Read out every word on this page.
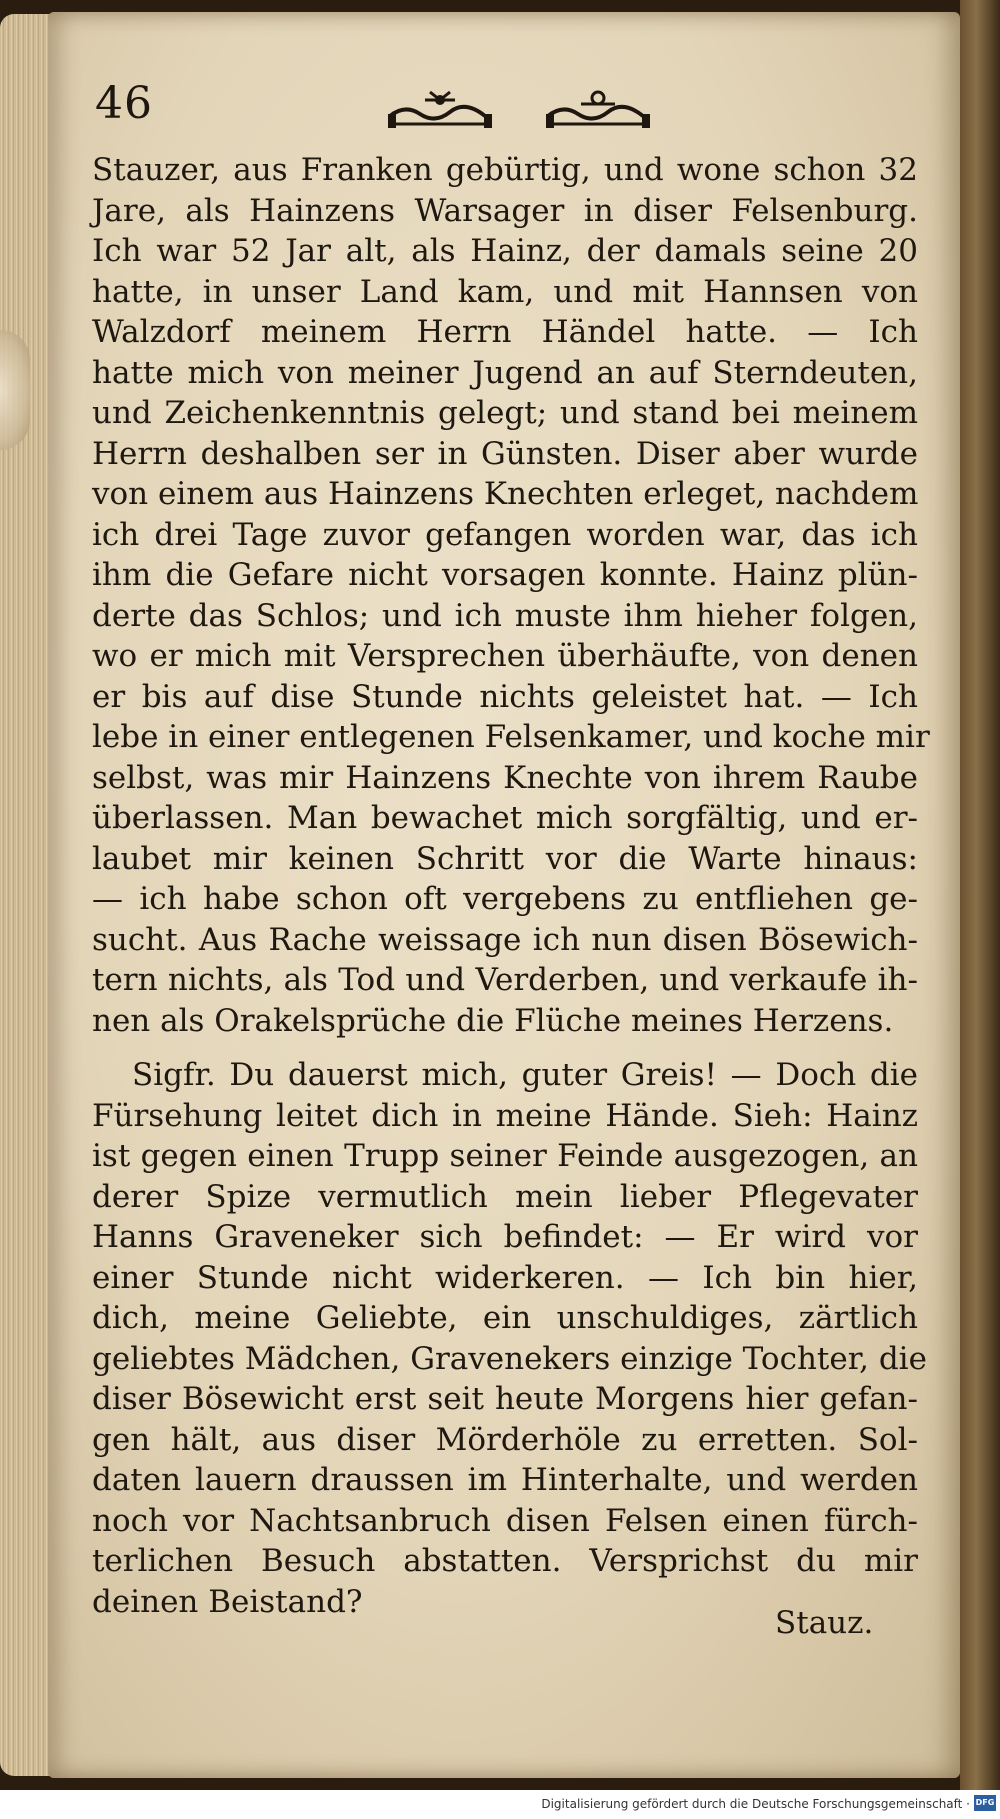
46
Stauzer, aus Franken gebürtig, und wone schon 32
Jare, als Hainzens Warsager in diser Felsenburg.
Ich war 52 Jar alt, als Hainz, der damals seine 20
hatte, in unser Land kam, und mit Hannsen von
Walzdorf meinem Herrn Händel hatte. — Ich
hatte mich von meiner Jugend an auf Sterndeuten,
und Zeichenkenntnis gelegt; und stand bei meinem
Herrn deshalben ser in Günsten. Diser aber wurde
von einem aus Hainzens Knechten erleget, nachdem
ich drei Tage zuvor gefangen worden war, das ich
ihm die Gefare nicht vorsagen konnte. Hainz plün-
derte das Schlos; und ich muste ihm hieher folgen,
wo er mich mit Versprechen überhäufte, von denen
er bis auf dise Stunde nichts geleistet hat. — Ich
lebe in einer entlegenen Felsenkamer, und koche mir
selbst, was mir Hainzens Knechte von ihrem Raube
überlassen. Man bewachet mich sorgfältig, und er-
laubet mir keinen Schritt vor die Warte hinaus:
— ich habe schon oft vergebens zu entfliehen ge-
sucht. Aus Rache weissage ich nun disen Bösewich-
tern nichts, als Tod und Verderben, und verkaufe ih-
nen als Orakelsprüche die Flüche meines Herzens.
Sigfr. Du dauerst mich, guter Greis! — Doch die
Fürsehung leitet dich in meine Hände. Sieh: Hainz
ist gegen einen Trupp seiner Feinde ausgezogen, an
derer Spize vermutlich mein lieber Pflegevater
Hanns Graveneker sich befindet: — Er wird vor
einer Stunde nicht widerkeren. — Ich bin hier,
dich, meine Geliebte, ein unschuldiges, zärtlich
geliebtes Mädchen, Gravenekers einzige Tochter, die
diser Bösewicht erst seit heute Morgens hier gefan-
gen hält, aus diser Mörderhöle zu erretten. Sol-
daten lauern draussen im Hinterhalte, und werden
noch vor Nachtsanbruch disen Felsen einen fürch-
terlichen Besuch abstatten. Versprichst du mir
deinen Beistand?
Stauz.
Digitalisierung gefördert durch die Deutsche Forschungsgemeinschaft · DFG
